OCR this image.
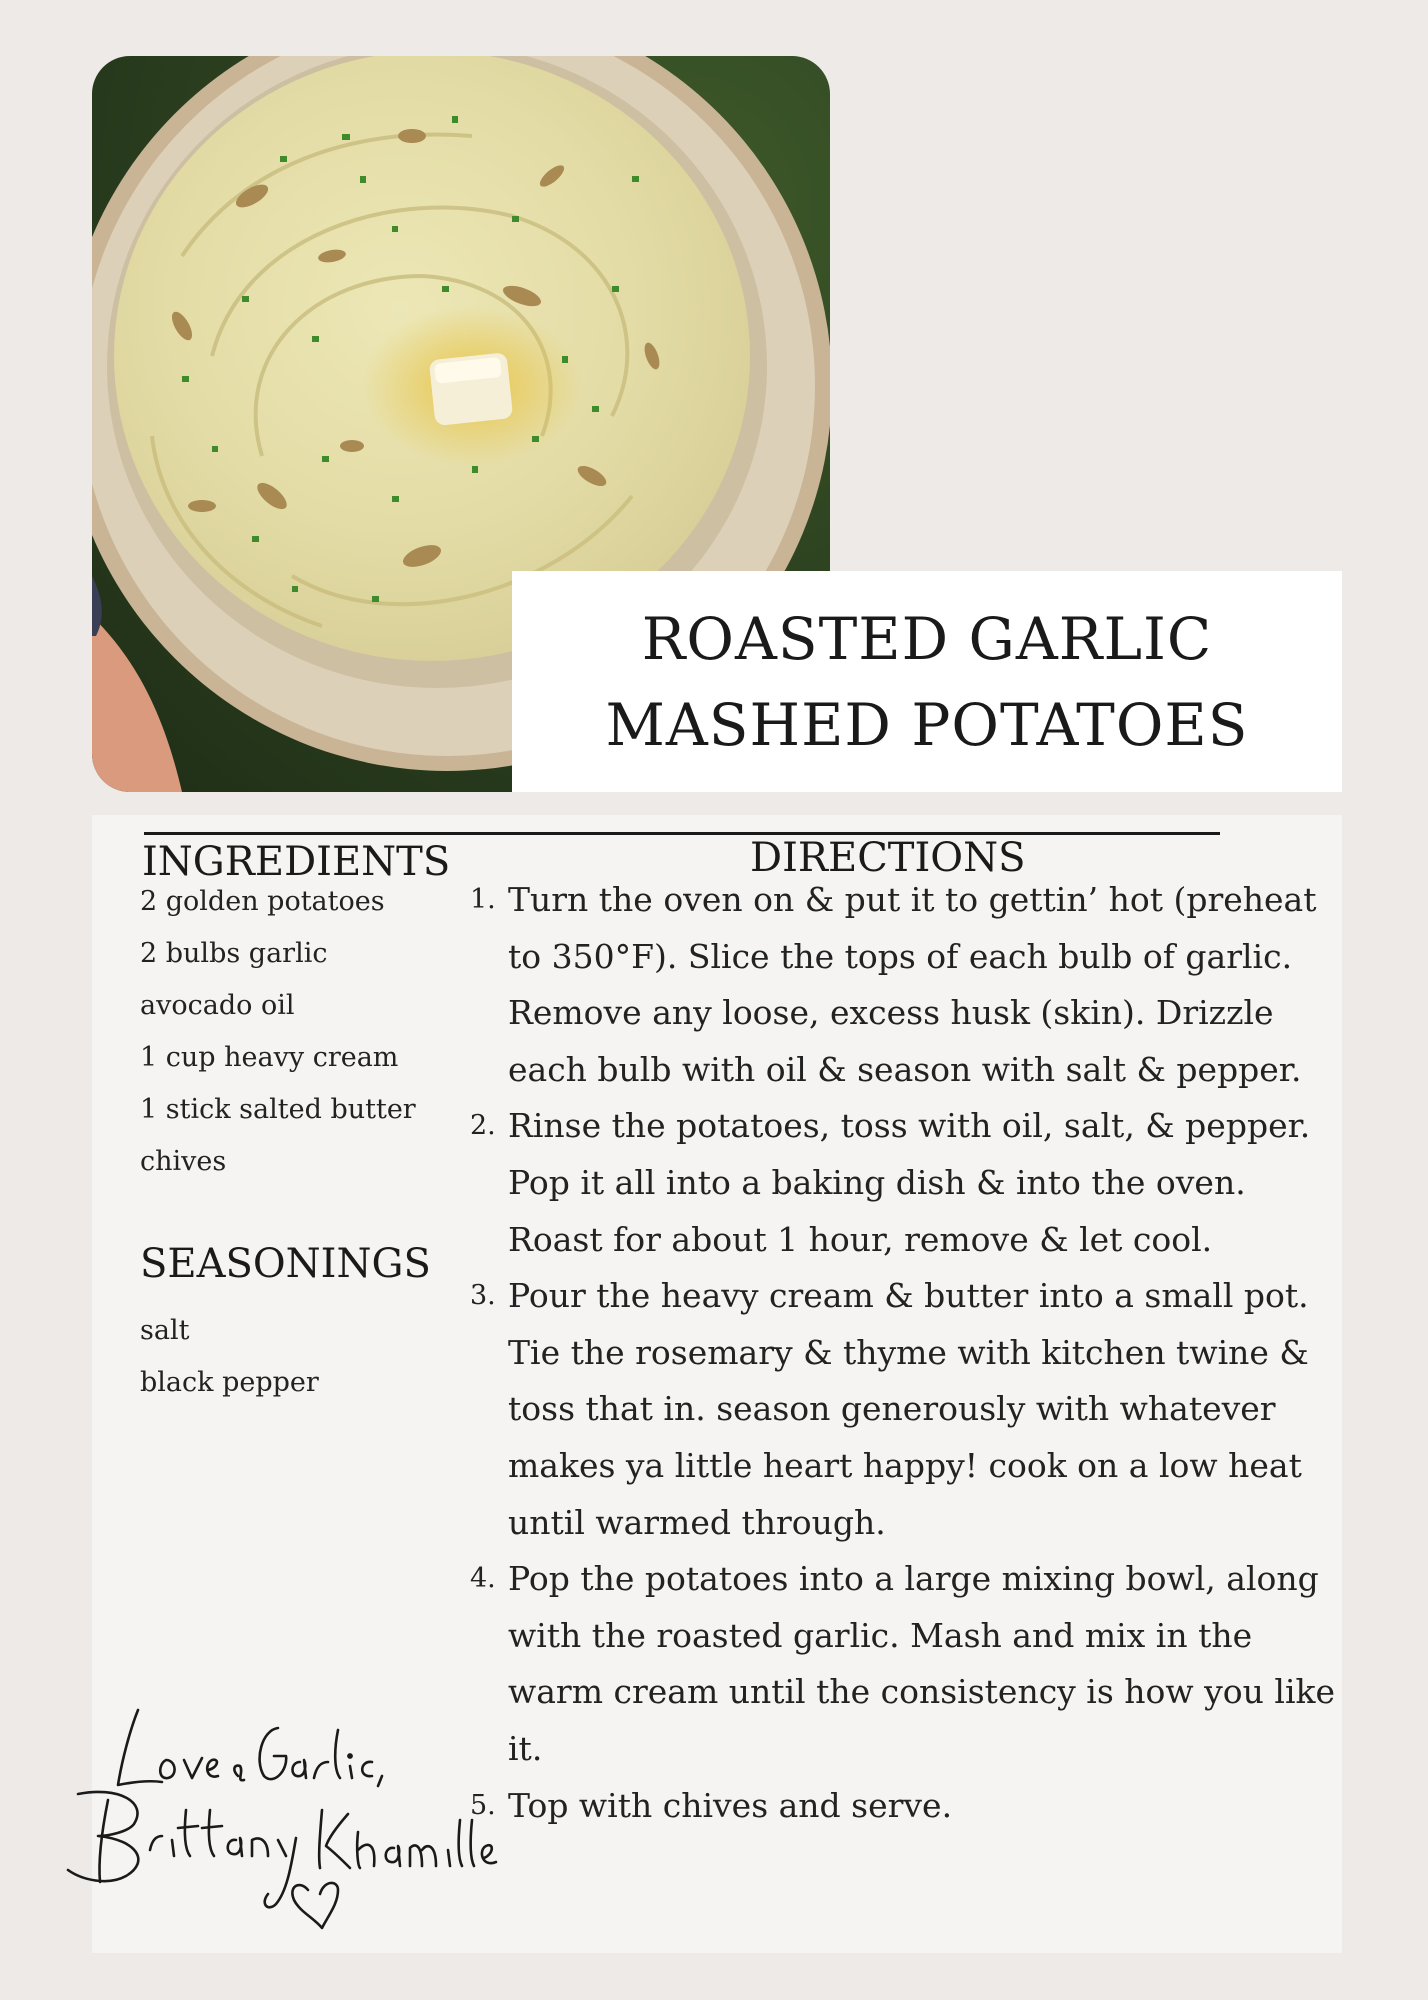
ROASTED GARLIC
MASHED POTATOES
INGREDIENTS
2 golden potatoes
2 bulbs garlic
avocado oil
1 cup heavy cream
1 stick salted butter
chives
SEASONINGS
salt
black pepper
DIRECTIONS
1. Turn the oven on & put it to gettin’ hot (preheat to 350°F). Slice the tops of each bulb of garlic. Remove any loose, excess husk (skin). Drizzle each bulb with oil & season with salt & pepper.
2. Rinse the potatoes, toss with oil, salt, & pepper. Pop it all into a baking dish & into the oven. Roast for about 1 hour, remove & let cool.
3. Pour the heavy cream & butter into a small pot. Tie the rosemary & thyme with kitchen twine & toss that in. season generously with whatever makes ya little heart happy! cook on a low heat until warmed through.
4. Pop the potatoes into a large mixing bowl, along with the roasted garlic. Mash and mix in the warm cream until the consistency is how you like it.
5. Top with chives and serve.
